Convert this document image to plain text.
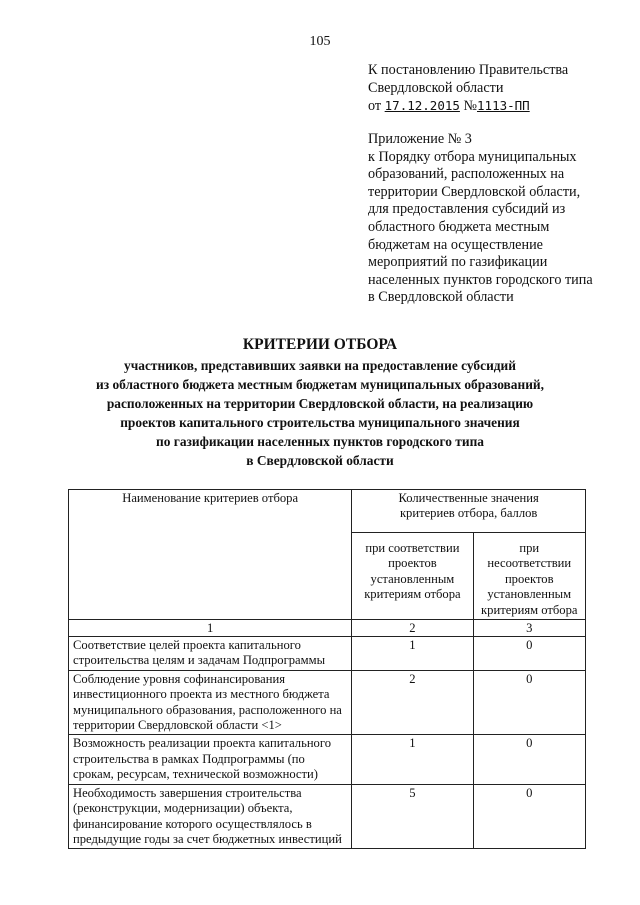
105
К постановлению Правительства
Свердловской области
от 17.12.2015 №1113-ПП
Приложение № 3
к Порядку отбора муниципальных
образований, расположенных на
территории Свердловской области,
для предоставления субсидий из
областного бюджета местным
бюджетам на осуществление
мероприятий по газификации
населенных пунктов городского типа
в Свердловской области
КРИТЕРИИ ОТБОРА
участников, представивших заявки на предоставление субсидий
из областного бюджета местным бюджетам муниципальных образований,
расположенных на территории Свердловской области, на реализацию
проектов капитального строительства муниципального значения
по газификации населенных пунктов городского типа
в Свердловской области
Наименование критериев отбора	Количественные значения критериев отбора, баллов	
	при соответствии проектов установленным критериям отбора	при несоответствии проектов установленным критериям отбора
1	2	3
Соответствие целей проекта капитального строительства целям и задачам Подпрограммы	1	0
Соблюдение уровня софинансирования инвестиционного проекта из местного бюджета муниципального образования, расположенного на территории Свердловской области <1>	2	0
Возможность реализации проекта капитального строительства в рамках Подпрограммы (по срокам, ресурсам, технической возможности)	1	0
Необходимость завершения строительства (реконструкции, модернизации) объекта, финансирование которого осуществлялось в предыдущие годы за счет бюджетных инвестиций	5	0
